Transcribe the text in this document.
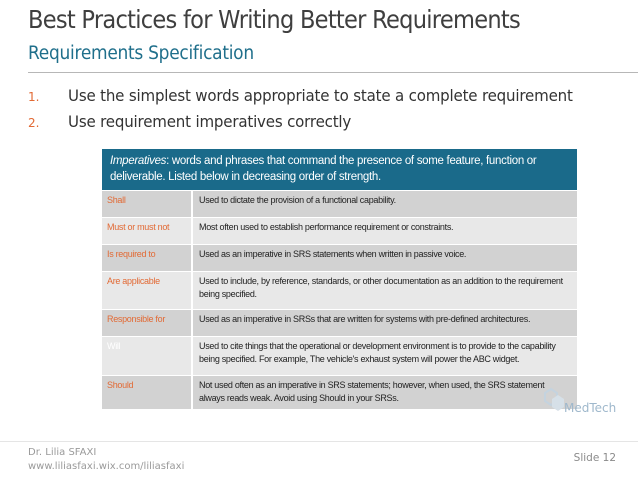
Best Practices for Writing Better Requirements
Requirements Specification
1. Use the simplest words appropriate to state a complete requirement
2. Use requirement imperatives correctly
Imperatives: words and phrases that command the presence of some feature, function or deliverable. Listed below in decreasing order of strength.
Shall	Used to dictate the provision of a functional capability.
Must or must not	Most often used to establish performance requirement or constraints.
Is required to	Used as an imperative in SRS statements when written in passive voice.
Are applicable	Used to include, by reference, standards, or other documentation as an addition to the requirement being specified.
Responsible for	Used as an imperative in SRSs that are written for systems with pre-defined architectures.
Will	Used to cite things that the operational or development environment is to provide to the capability being specified. For example, The vehicle's exhaust system will power the ABC widget.
Should	Not used often as an imperative in SRS statements; however, when used, the SRS statement always reads weak. Avoid using Should in your SRSs.
MedTech
Dr. Lilia SFAXI
www.liliasfaxi.wix.com/liliasfaxi
Slide 12
